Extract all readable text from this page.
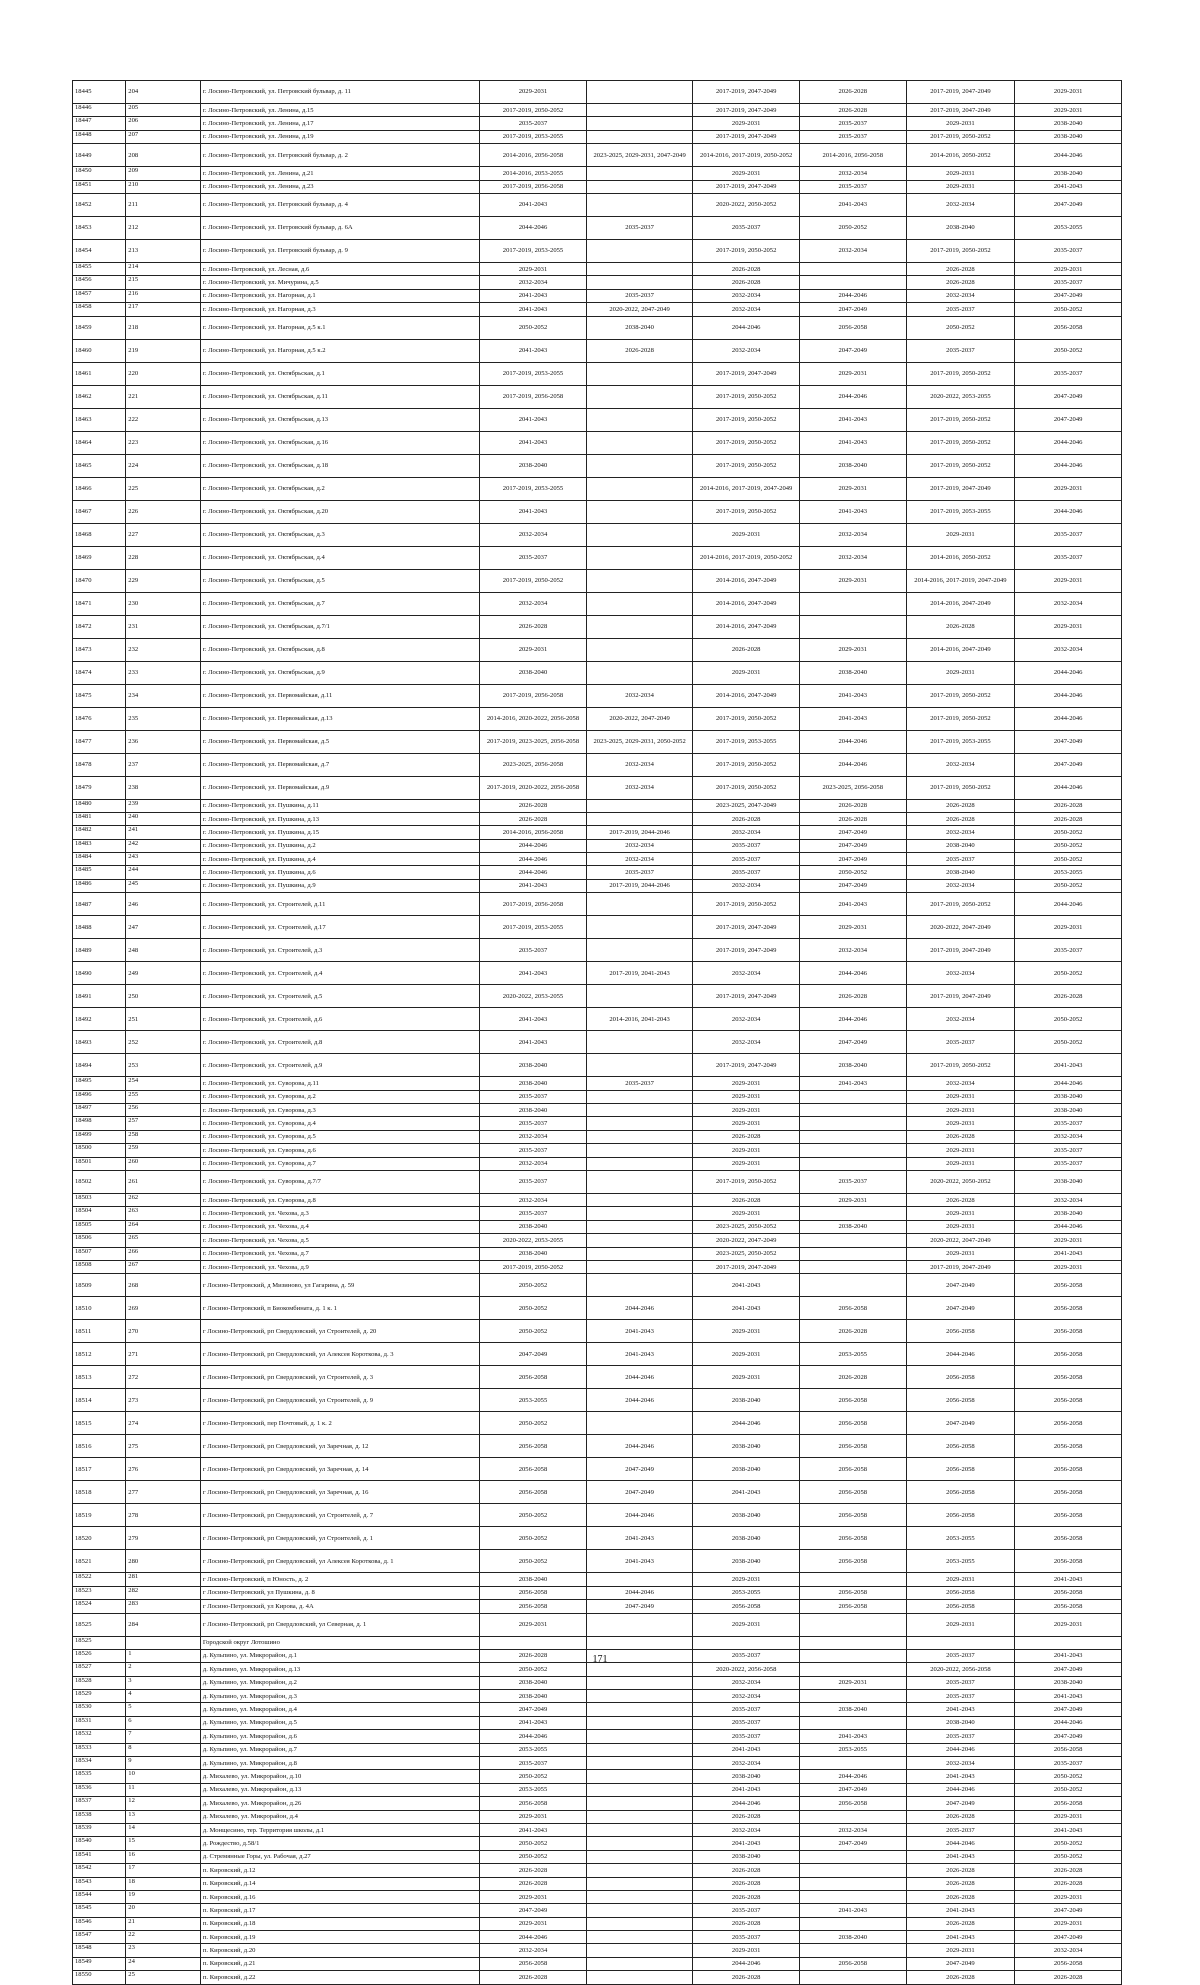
18445	204	г. Лосино-Петровский, ул. Петровский бульвар, д. 11	2029-2031		2017-2019, 2047-2049	2026-2028	2017-2019, 2047-2049	2029-2031
18446	205	г. Лосино-Петровский, ул. Ленина, д.15	2017-2019, 2050-2052		2017-2019, 2047-2049	2026-2028	2017-2019, 2047-2049	2029-2031
18447	206	г. Лосино-Петровский, ул. Ленина, д.17	2035-2037		2029-2031	2035-2037	2029-2031	2038-2040
18448	207	г. Лосино-Петровский, ул. Ленина, д.19	2017-2019, 2053-2055		2017-2019, 2047-2049	2035-2037	2017-2019, 2050-2052	2038-2040
18449	208	г. Лосино-Петровский, ул. Петровский бульвар, д. 2	2014-2016, 2056-2058	2023-2025, 2029-2031, 2047-2049	2014-2016, 2017-2019, 2050-2052	2014-2016, 2056-2058	2014-2016, 2050-2052	2044-2046
18450	209	г. Лосино-Петровский, ул. Ленина, д.21	2014-2016, 2053-2055		2029-2031	2032-2034	2029-2031	2038-2040
18451	210	г. Лосино-Петровский, ул. Ленина, д.23	2017-2019, 2056-2058		2017-2019, 2047-2049	2035-2037	2029-2031	2041-2043
18452	211	г. Лосино-Петровский, ул. Петровский бульвар, д. 4	2041-2043		2020-2022, 2050-2052	2041-2043	2032-2034	2047-2049
18453	212	г. Лосино-Петровский, ул. Петровский бульвар, д. 6А	2044-2046	2035-2037	2035-2037	2050-2052	2038-2040	2053-2055
18454	213	г. Лосино-Петровский, ул. Петровский бульвар, д. 9	2017-2019, 2053-2055		2017-2019, 2050-2052	2032-2034	2017-2019, 2050-2052	2035-2037
18455	214	г. Лосино-Петровский, ул. Лесная, д.6	2029-2031		2026-2028		2026-2028	2029-2031
18456	215	г. Лосино-Петровский, ул. Мичурина, д.5	2032-2034		2026-2028		2026-2028	2035-2037
18457	216	г. Лосино-Петровский, ул. Нагорная, д.1	2041-2043	2035-2037	2032-2034	2044-2046	2032-2034	2047-2049
18458	217	г. Лосино-Петровский, ул. Нагорная, д.3	2041-2043	2020-2022, 2047-2049	2032-2034	2047-2049	2035-2037	2050-2052
18459	218	г. Лосино-Петровский, ул. Нагорная, д.5 к.1	2050-2052	2038-2040	2044-2046	2056-2058	2050-2052	2056-2058
18460	219	г. Лосино-Петровский, ул. Нагорная, д.5 к.2	2041-2043	2026-2028	2032-2034	2047-2049	2035-2037	2050-2052
18461	220	г. Лосино-Петровский, ул. Октябрьская, д.1	2017-2019, 2053-2055		2017-2019, 2047-2049	2029-2031	2017-2019, 2050-2052	2035-2037
18462	221	г. Лосино-Петровский, ул. Октябрьская, д.11	2017-2019, 2056-2058		2017-2019, 2050-2052	2044-2046	2020-2022, 2053-2055	2047-2049
18463	222	г. Лосино-Петровский, ул. Октябрьская, д.13	2041-2043		2017-2019, 2050-2052	2041-2043	2017-2019, 2050-2052	2047-2049
18464	223	г. Лосино-Петровский, ул. Октябрьская, д.16	2041-2043		2017-2019, 2050-2052	2041-2043	2017-2019, 2050-2052	2044-2046
18465	224	г. Лосино-Петровский, ул. Октябрьская, д.18	2038-2040		2017-2019, 2050-2052	2038-2040	2017-2019, 2050-2052	2044-2046
18466	225	г. Лосино-Петровский, ул. Октябрьская, д.2	2017-2019, 2053-2055		2014-2016, 2017-2019, 2047-2049	2029-2031	2017-2019, 2047-2049	2029-2031
18467	226	г. Лосино-Петровский, ул. Октябрьская, д.20	2041-2043		2017-2019, 2050-2052	2041-2043	2017-2019, 2053-2055	2044-2046
18468	227	г. Лосино-Петровский, ул. Октябрьская, д.3	2032-2034		2029-2031	2032-2034	2029-2031	2035-2037
18469	228	г. Лосино-Петровский, ул. Октябрьская, д.4	2035-2037		2014-2016, 2017-2019, 2050-2052	2032-2034	2014-2016, 2050-2052	2035-2037
18470	229	г. Лосино-Петровский, ул. Октябрьская, д.5	2017-2019, 2050-2052		2014-2016, 2047-2049	2029-2031	2014-2016, 2017-2019, 2047-2049	2029-2031
18471	230	г. Лосино-Петровский, ул. Октябрьская, д.7	2032-2034		2014-2016, 2047-2049		2014-2016, 2047-2049	2032-2034
18472	231	г. Лосино-Петровский, ул. Октябрьская, д.7/1	2026-2028		2014-2016, 2047-2049		2026-2028	2029-2031
18473	232	г. Лосино-Петровский, ул. Октябрьская, д.8	2029-2031		2026-2028	2029-2031	2014-2016, 2047-2049	2032-2034
18474	233	г. Лосино-Петровский, ул. Октябрьская, д.9	2038-2040		2029-2031	2038-2040	2029-2031	2044-2046
18475	234	г. Лосино-Петровский, ул. Первомайская, д.11	2017-2019, 2056-2058	2032-2034	2014-2016, 2047-2049	2041-2043	2017-2019, 2050-2052	2044-2046
18476	235	г. Лосино-Петровский, ул. Первомайская, д.13	2014-2016, 2020-2022, 2056-2058	2020-2022, 2047-2049	2017-2019, 2050-2052	2041-2043	2017-2019, 2050-2052	2044-2046
18477	236	г. Лосино-Петровский, ул. Первомайская, д.5	2017-2019, 2023-2025, 2056-2058	2023-2025, 2029-2031, 2050-2052	2017-2019, 2053-2055	2044-2046	2017-2019, 2053-2055	2047-2049
18478	237	г. Лосино-Петровский, ул. Первомайская, д.7	2023-2025, 2056-2058	2032-2034	2017-2019, 2050-2052	2044-2046	2032-2034	2047-2049
18479	238	г. Лосино-Петровский, ул. Первомайская, д.9	2017-2019, 2020-2022, 2056-2058	2032-2034	2017-2019, 2050-2052	2023-2025, 2056-2058	2017-2019, 2050-2052	2044-2046
18480	239	г. Лосино-Петровский, ул. Пушкина, д.11	2026-2028		2023-2025, 2047-2049	2026-2028	2026-2028	2026-2028
18481	240	г. Лосино-Петровский, ул. Пушкина, д.13	2026-2028		2026-2028	2026-2028	2026-2028	2026-2028
18482	241	г. Лосино-Петровский, ул. Пушкина, д.15	2014-2016, 2056-2058	2017-2019, 2044-2046	2032-2034	2047-2049	2032-2034	2050-2052
18483	242	г. Лосино-Петровский, ул. Пушкина, д.2	2044-2046	2032-2034	2035-2037	2047-2049	2038-2040	2050-2052
18484	243	г. Лосино-Петровский, ул. Пушкина, д.4	2044-2046	2032-2034	2035-2037	2047-2049	2035-2037	2050-2052
18485	244	г. Лосино-Петровский, ул. Пушкина, д.6	2044-2046	2035-2037	2035-2037	2050-2052	2038-2040	2053-2055
18486	245	г. Лосино-Петровский, ул. Пушкина, д.9	2041-2043	2017-2019, 2044-2046	2032-2034	2047-2049	2032-2034	2050-2052
18487	246	г. Лосино-Петровский, ул. Строителей, д.11	2017-2019, 2056-2058		2017-2019, 2050-2052	2041-2043	2017-2019, 2050-2052	2044-2046
18488	247	г. Лосино-Петровский, ул. Строителей, д.17	2017-2019, 2053-2055		2017-2019, 2047-2049	2029-2031	2020-2022, 2047-2049	2029-2031
18489	248	г. Лосино-Петровский, ул. Строителей, д.3	2035-2037		2017-2019, 2047-2049	2032-2034	2017-2019, 2047-2049	2035-2037
18490	249	г. Лосино-Петровский, ул. Строителей, д.4	2041-2043	2017-2019, 2041-2043	2032-2034	2044-2046	2032-2034	2050-2052
18491	250	г. Лосино-Петровский, ул. Строителей, д.5	2020-2022, 2053-2055		2017-2019, 2047-2049	2026-2028	2017-2019, 2047-2049	2026-2028
18492	251	г. Лосино-Петровский, ул. Строителей, д.6	2041-2043	2014-2016, 2041-2043	2032-2034	2044-2046	2032-2034	2050-2052
18493	252	г. Лосино-Петровский, ул. Строителей, д.8	2041-2043		2032-2034	2047-2049	2035-2037	2050-2052
18494	253	г. Лосино-Петровский, ул. Строителей, д.9	2038-2040		2017-2019, 2047-2049	2038-2040	2017-2019, 2050-2052	2041-2043
18495	254	г. Лосино-Петровский, ул. Суворова, д.11	2038-2040	2035-2037	2029-2031	2041-2043	2032-2034	2044-2046
18496	255	г. Лосино-Петровский, ул. Суворова, д.2	2035-2037		2029-2031		2029-2031	2038-2040
18497	256	г. Лосино-Петровский, ул. Суворова, д.3	2038-2040		2029-2031		2029-2031	2038-2040
18498	257	г. Лосино-Петровский, ул. Суворова, д.4	2035-2037		2029-2031		2029-2031	2035-2037
18499	258	г. Лосино-Петровский, ул. Суворова, д.5	2032-2034		2026-2028		2026-2028	2032-2034
18500	259	г. Лосино-Петровский, ул. Суворова, д.6	2035-2037		2029-2031		2029-2031	2035-2037
18501	260	г. Лосино-Петровский, ул. Суворова, д.7	2032-2034		2029-2031		2029-2031	2035-2037
18502	261	г. Лосино-Петровский, ул. Суворова, д.7/7	2035-2037		2017-2019, 2050-2052	2035-2037	2020-2022, 2050-2052	2038-2040
18503	262	г. Лосино-Петровский, ул. Суворова, д.8	2032-2034		2026-2028	2029-2031	2026-2028	2032-2034
18504	263	г. Лосино-Петровский, ул. Чехова, д.3	2035-2037		2029-2031		2029-2031	2038-2040
18505	264	г. Лосино-Петровский, ул. Чехова, д.4	2038-2040		2023-2025, 2050-2052	2038-2040	2029-2031	2044-2046
18506	265	г. Лосино-Петровский, ул. Чехова, д.5	2020-2022, 2053-2055		2020-2022, 2047-2049		2020-2022, 2047-2049	2029-2031
18507	266	г. Лосино-Петровский, ул. Чехова, д.7	2038-2040		2023-2025, 2050-2052		2029-2031	2041-2043
18508	267	г. Лосино-Петровский, ул. Чехова, д.9	2017-2019, 2050-2052		2017-2019, 2047-2049		2017-2019, 2047-2049	2029-2031
18509	268	г Лосино-Петровский, д Мизиново, ул Гагарина, д. 59	2050-2052		2041-2043		2047-2049	2056-2058
18510	269	г Лосино-Петровский, п Биокомбината, д. 1 к. 1	2050-2052	2044-2046	2041-2043	2056-2058	2047-2049	2056-2058
18511	270	г Лосино-Петровский, рп Свердловский, ул Строителей, д. 20	2050-2052	2041-2043	2029-2031	2026-2028	2056-2058	2056-2058
18512	271	г Лосино-Петровский, рп Свердловский, ул Алексея Короткова, д. 3	2047-2049	2041-2043	2029-2031	2053-2055	2044-2046	2056-2058
18513	272	г Лосино-Петровский, рп Свердловский, ул Строителей, д. 3	2056-2058	2044-2046	2029-2031	2026-2028	2056-2058	2056-2058
18514	273	г Лосино-Петровский, рп Свердловский, ул Строителей, д. 9	2053-2055	2044-2046	2038-2040	2056-2058	2056-2058	2056-2058
18515	274	г Лосино-Петровский, пер Почтовый, д. 1 к. 2	2050-2052		2044-2046	2056-2058	2047-2049	2056-2058
18516	275	г Лосино-Петровский, рп Свердловский, ул Заречная, д. 12	2056-2058	2044-2046	2038-2040	2056-2058	2056-2058	2056-2058
18517	276	г Лосино-Петровский, рп Свердловский, ул Заречная, д. 14	2056-2058	2047-2049	2038-2040	2056-2058	2056-2058	2056-2058
18518	277	г Лосино-Петровский, рп Свердловский, ул Заречная, д. 16	2056-2058	2047-2049	2041-2043	2056-2058	2056-2058	2056-2058
18519	278	г Лосино-Петровский, рп Свердловский, ул Строителей, д. 7	2050-2052	2044-2046	2038-2040	2056-2058	2056-2058	2056-2058
18520	279	г Лосино-Петровский, рп Свердловский, ул Строителей, д. 1	2050-2052	2041-2043	2038-2040	2056-2058	2053-2055	2056-2058
18521	280	г Лосино-Петровский, рп Свердловский, ул Алексея Короткова, д. 1	2050-2052	2041-2043	2038-2040	2056-2058	2053-2055	2056-2058
18522	281	г Лосино-Петровский, п Юность, д. 2	2038-2040		2029-2031		2029-2031	2041-2043
18523	282	г Лосино-Петровский, ул Пушкина, д. 8	2056-2058	2044-2046	2053-2055	2056-2058	2056-2058	2056-2058
18524	283	г Лосино-Петровский, ул Кирова, д. 4А	2056-2058	2047-2049	2056-2058	2056-2058	2056-2058	2056-2058
18525	284	г Лосино-Петровский, рп Свердловский, ул Северная, д. 1	2029-2031		2029-2031		2029-2031	2029-2031
18525		Городской округ Лотошино						
18526	1	д. Кульпино, ул. Микрорайон, д.1	2026-2028		2035-2037		2035-2037	2041-2043
18527	2	д. Кульпино, ул. Микрорайон, д.13	2050-2052		2020-2022, 2056-2058		2020-2022, 2056-2058	2047-2049
18528	3	д. Кульпино, ул. Микрорайон, д.2	2038-2040		2032-2034	2029-2031	2035-2037	2038-2040
18529	4	д. Кульпино, ул. Микрорайон, д.3	2038-2040		2032-2034		2035-2037	2041-2043
18530	5	д. Кульпино, ул. Микрорайон, д.4	2047-2049		2035-2037	2038-2040	2041-2043	2047-2049
18531	6	д. Кульпино, ул. Микрорайон, д.5	2041-2043		2035-2037		2038-2040	2044-2046
18532	7	д. Кульпино, ул. Микрорайон, д.6	2044-2046		2035-2037	2041-2043	2035-2037	2047-2049
18533	8	д. Кульпино, ул. Микрорайон, д.7	2053-2055		2041-2043	2053-2055	2044-2046	2056-2058
18534	9	д. Кульпино, ул. Микрорайон, д.8	2035-2037		2032-2034		2032-2034	2035-2037
18535	10	д. Михалево, ул. Микрорайон, д.10	2050-2052		2038-2040	2044-2046	2041-2043	2050-2052
18536	11	д. Михалево, ул. Микрорайон, д.13	2053-2055		2041-2043	2047-2049	2044-2046	2050-2052
18537	12	д. Михалево, ул. Микрорайон, д.26	2056-2058		2044-2046	2056-2058	2047-2049	2056-2058
18538	13	д. Михалево, ул. Микрорайон, д.4	2029-2031		2026-2028		2026-2028	2029-2031
18539	14	д. Монщесино, тер. Территория школы, д.1	2041-2043		2032-2034	2032-2034	2035-2037	2041-2043
18540	15	д. Рождество, д.58/1	2050-2052		2041-2043	2047-2049	2044-2046	2050-2052
18541	16	д. Стремянные Горы, ул. Рабочая, д.27	2050-2052		2038-2040		2041-2043	2050-2052
18542	17	п. Кировский, д.12	2026-2028		2026-2028		2026-2028	2026-2028
18543	18	п. Кировский, д.14	2026-2028		2026-2028		2026-2028	2026-2028
18544	19	п. Кировский, д.16	2029-2031		2026-2028		2026-2028	2029-2031
18545	20	п. Кировский, д.17	2047-2049		2035-2037	2041-2043	2041-2043	2047-2049
18546	21	п. Кировский, д.18	2029-2031		2026-2028		2026-2028	2029-2031
18547	22	п. Кировский, д.19	2044-2046		2035-2037	2038-2040	2041-2043	2047-2049
18548	23	п. Кировский, д.20	2032-2034		2029-2031		2029-2031	2032-2034
18549	24	п. Кировский, д.21	2056-2058		2044-2046	2056-2058	2047-2049	2056-2058
18550	25	п. Кировский, д.22	2026-2028		2026-2028		2026-2028	2026-2028
171
